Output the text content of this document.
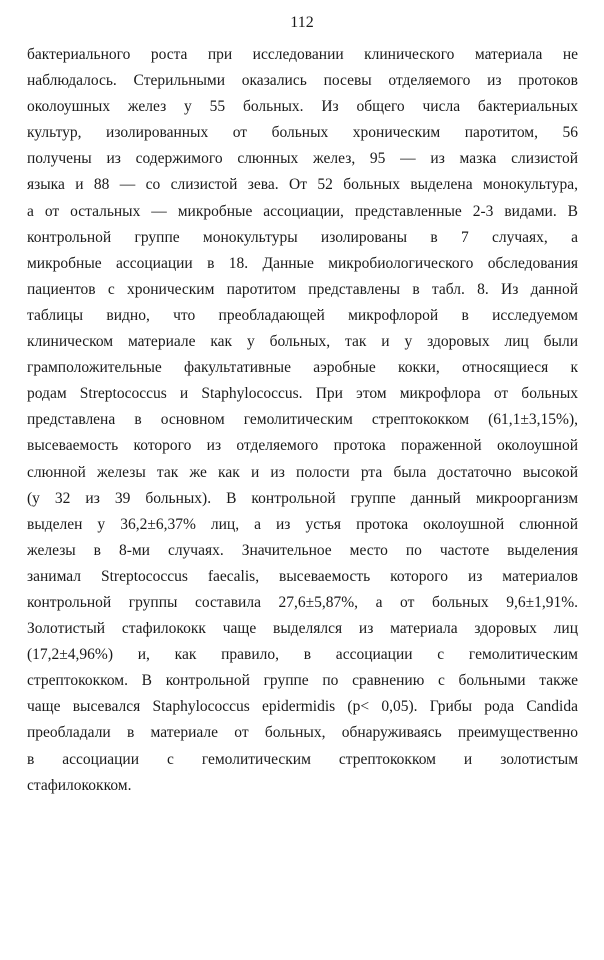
112
бактериального роста при исследовании клинического материала не
наблюдалось. Стерильными оказались посевы отделяемого из протоков
околоушных желез у 55 больных. Из общего числа бактериальных
культур, изолированных от больных хроническим паротитом, 56
получены из содержимого слюнных желез, 95 — из мазка слизистой
языка и 88 — со слизистой зева. От 52 больных выделена монокультура,
а от остальных — микробные ассоциации, представленные 2-3 видами. В
контрольной группе монокультуры изолированы в 7 случаях, а
микробные ассоциации в 18. Данные микробиологического обследования
пациентов с хроническим паротитом представлены в табл. 8. Из данной
таблицы видно, что преобладающей микрофлорой в исследуемом
клиническом материале как у больных, так и у здоровых лиц были
грамположительные факультативные аэробные кокки, относящиеся к
родам Streptococcus и Staphylococcus. При этом микрофлора от больных
представлена в основном гемолитическим стрептококком (61,1±3,15%),
высеваемость которого из отделяемого протока пораженной околоушной
слюнной железы так же как и из полости рта была достаточно высокой
(у 32 из 39 больных). В контрольной группе данный микроорганизм
выделен у 36,2±6,37% лиц, а из устья протока околоушной слюнной
железы в 8-ми случаях. Значительное место по частоте выделения
занимал Streptococcus faecalis, высеваемость которого из материалов
контрольной группы составила 27,6±5,87%, а от больных 9,6±1,91%.
Золотистый стафилококк чаще выделялся из материала здоровых лиц
(17,2±4,96%) и, как правило, в ассоциации с гемолитическим
стрептококком. В контрольной группе по сравнению с больными также
чаще высевался Staphylococcus epidermidis (p< 0,05). Грибы рода Candida
преобладали в материале от больных, обнаруживаясь преимущественно
в ассоциации с гемолитическим стрептококком и золотистым
стафилококком.
